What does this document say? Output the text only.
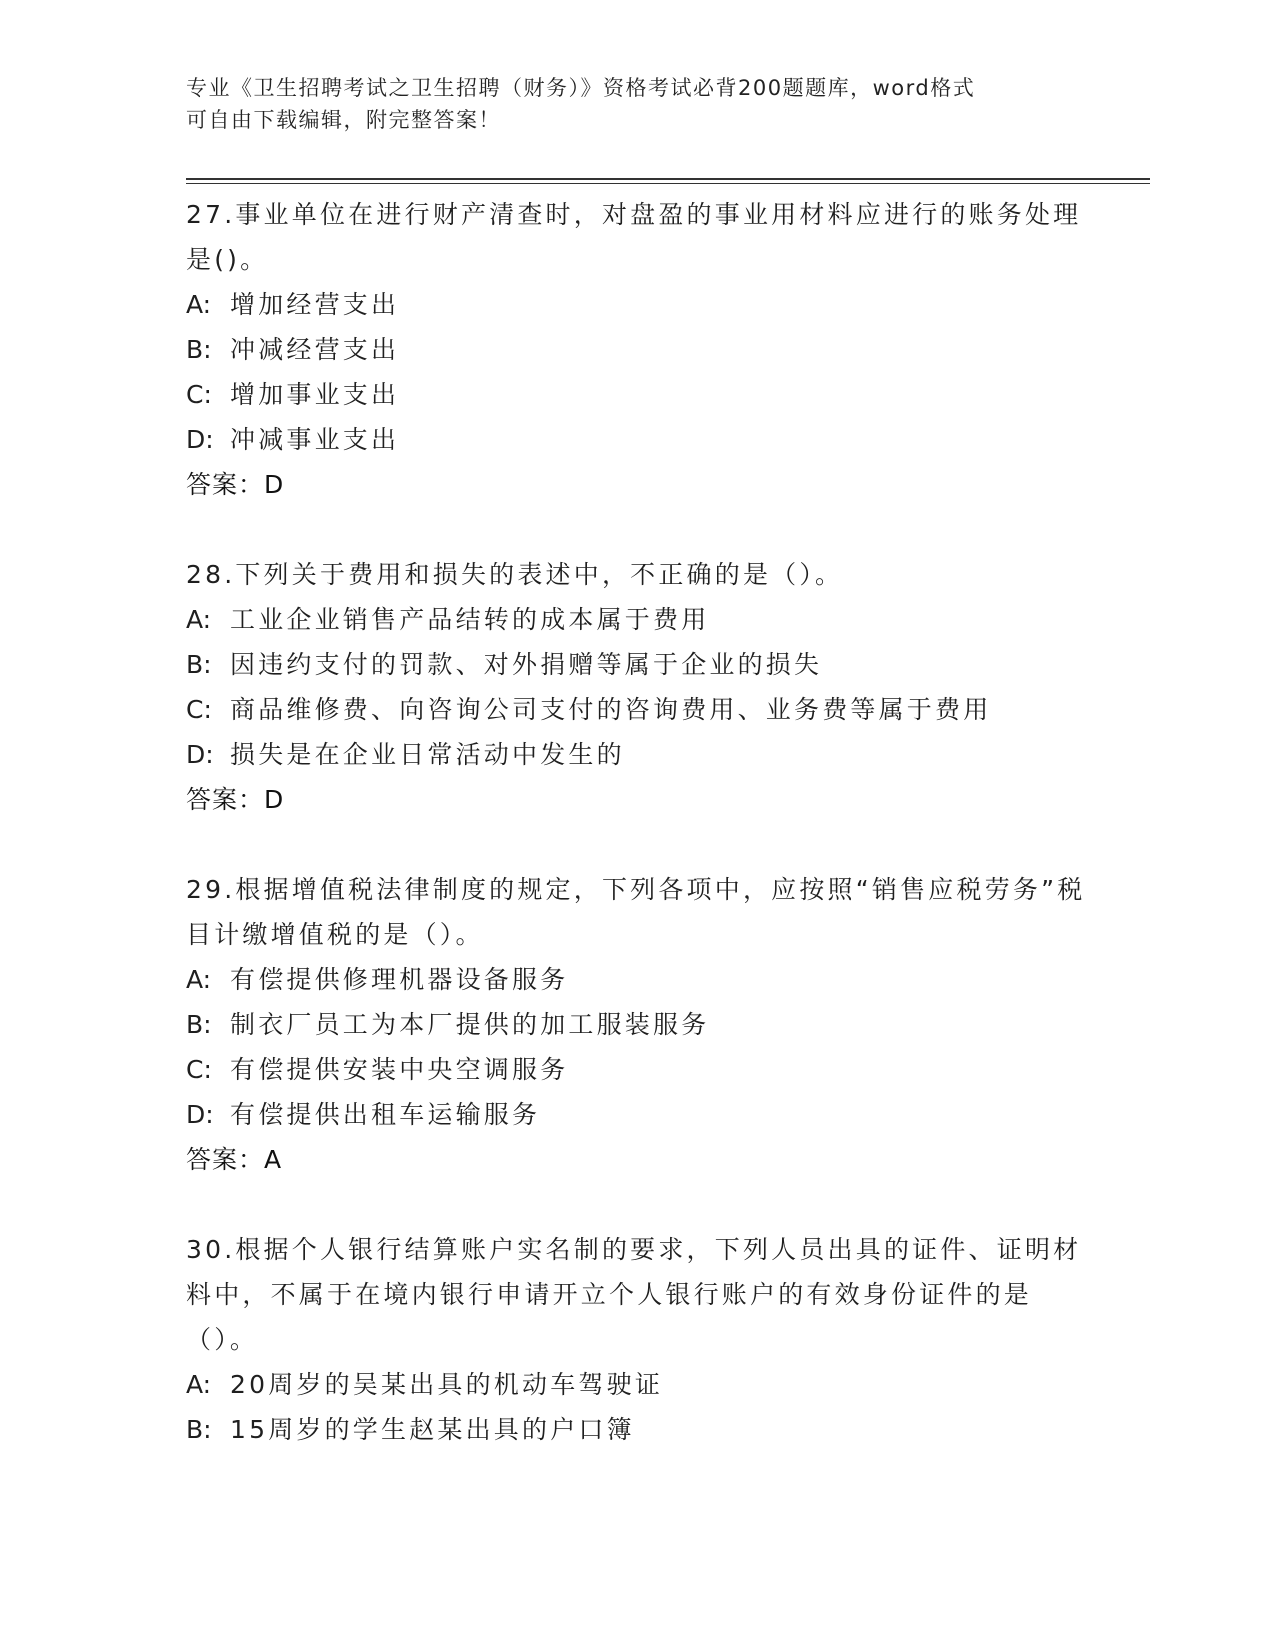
专业《卫生招聘考试之卫生招聘（财务）》资格考试必背200题题库，word格式
可自由下载编辑，附完整答案！

27.事业单位在进行财产清查时，对盘盈的事业用材料应进行的账务处理是()。

A: 增加经营支出

B: 冲减经营支出

C: 增加事业支出

D: 冲减事业支出

答案：D

28.下列关于费用和损失的表述中，不正确的是（）。

A: 工业企业销售产品结转的成本属于费用

B: 因违约支付的罚款、对外捐赠等属于企业的损失

C: 商品维修费、向咨询公司支付的咨询费用、业务费等属于费用

D: 损失是在企业日常活动中发生的

答案：D

29.根据增值税法律制度的规定，下列各项中，应按照“销售应税劳务”税目计缴增值税的是（）。

A: 有偿提供修理机器设备服务

B: 制衣厂员工为本厂提供的加工服装服务

C: 有偿提供安装中央空调服务

D: 有偿提供出租车运输服务

答案：A

30.根据个人银行结算账户实名制的要求，下列人员出具的证件、证明材料中，不属于在境内银行申请开立个人银行账户的有效身份证件的是（）。

A: 20周岁的吴某出具的机动车驾驶证

B: 15周岁的学生赵某出具的户口簿
